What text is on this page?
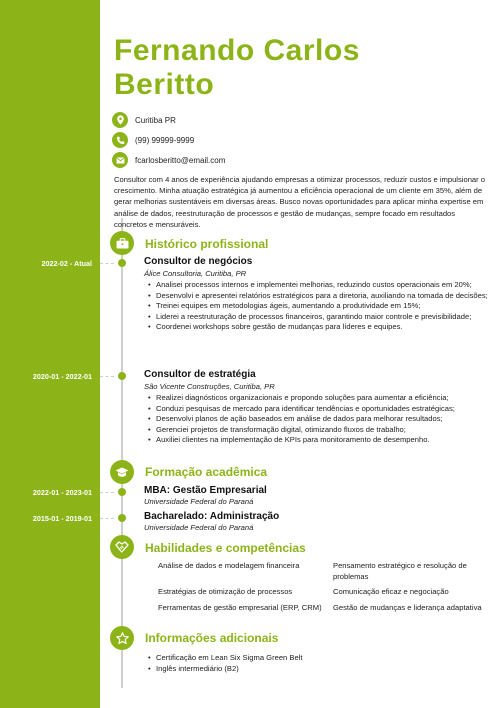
Fernando Carlos
Beritto
Curitiba PR
(99) 99999-9999
fcarlosberitto@email.com
Consultor com 4 anos de experiência ajudando empresas a otimizar processos, reduzir custos e impulsionar o crescimento. Minha atuação estratégica já aumentou a eficiência operacional de um cliente em 35%, além de gerar melhorias sustentáveis em diversas áreas. Busco novas oportunidades para aplicar minha expertise em análise de dados, reestruturação de processos e gestão de mudanças, sempre focado em resultados concretos e mensuráveis.
Histórico profissional
2022-02 - Atual	Consultor de negócios
Álice Consultoria, Curitiba, PR
• Analisei processos internos e implementei melhorias, reduzindo custos operacionais em 20%;
• Desenvolvi e apresentei relatórios estratégicos para a diretoria, auxiliando na tomada de decisões;
• Treinei equipes em metodologias ágeis, aumentando a produtividade em 15%;
• Liderei a reestruturação de processos financeiros, garantindo maior controle e previsibilidade;
• Coordenei workshops sobre gestão de mudanças para líderes e equipes.
2020-01 - 2022-01	Consultor de estratégia
São Vicente Construções, Curitiba, PR
• Realizei diagnósticos organizacionais e propondo soluções para aumentar a eficiência;
• Conduzi pesquisas de mercado para identificar tendências e oportunidades estratégicas;
• Desenvolvi planos de ação baseados em análise de dados para melhorar resultados;
• Gerenciei projetos de transformação digital, otimizando fluxos de trabalho;
• Auxiliei clientes na implementação de KPIs para monitoramento de desempenho.
Formação acadêmica
2022-01 - 2023-01	MBA: Gestão Empresarial
Universidade Federal do Paraná
2015-01 - 2019-01	Bacharelado: Administração
Universidade Federal do Paraná
Habilidades e competências
Análise de dados e modelagem financeira	Pensamento estratégico e resolução de problemas
Estratégias de otimização de processos	Comunicação eficaz e negociação
Ferramentas de gestão empresarial (ERP, CRM)	Gestão de mudanças e liderança adaptativa
Informações adicionais
• Certificação em Lean Six Sigma Green Belt
• Inglês intermediário (B2)
